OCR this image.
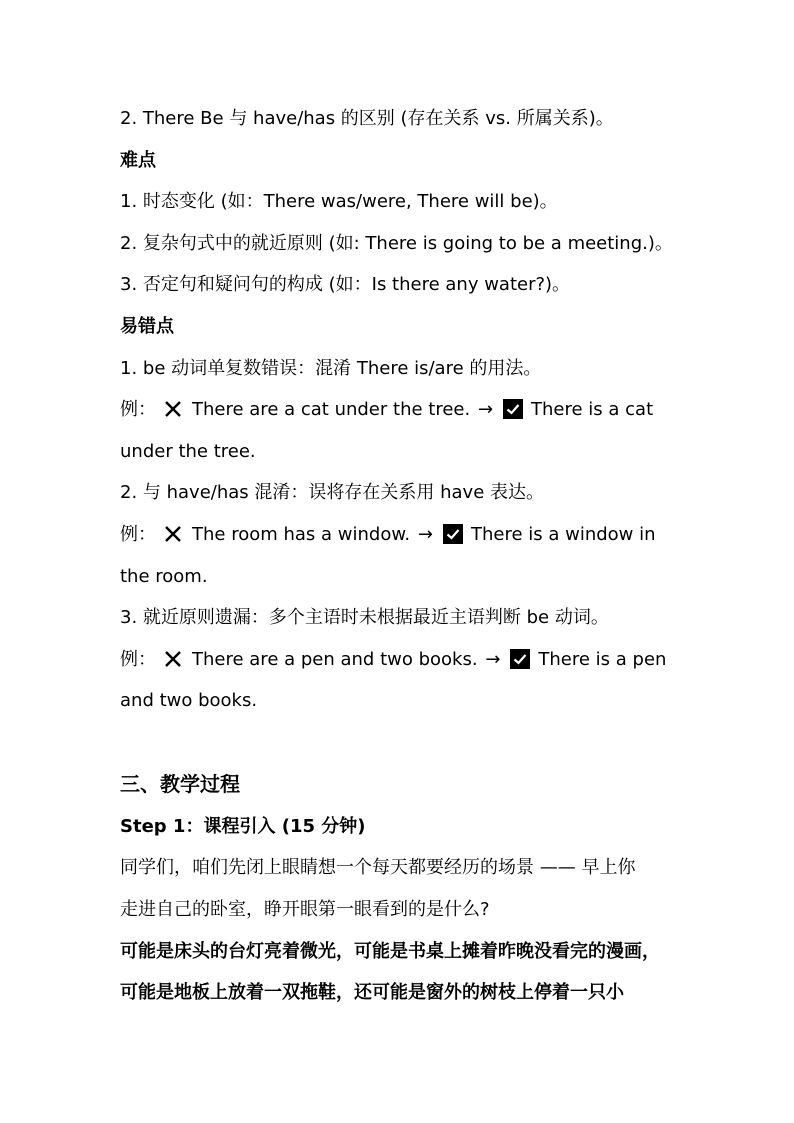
2. There Be 与 have/has 的区别 (存在关系 vs. 所属关系)。
难点
1. 时态变化 (如：There was/were, There will be)。
2. 复杂句式中的就近原则 (如: There is going to be a meeting.)。
3. 否定句和疑问句的构成 (如：Is there any water?)。
易错点
1. be 动词单复数错误：混淆 There is/are 的用法。
例： There are a cat under the tree. → There is a cat
under the tree.
2. 与 have/has 混淆：误将存在关系用 have 表达。
例： The room has a window. → There is a window in
the room.
3. 就近原则遗漏：多个主语时未根据最近主语判断 be 动词。
例： There are a pen and two books. → There is a pen
and two books.
三、教学过程
Step 1：课程引入 (15 分钟)
同学们，咱们先闭上眼睛想一个每天都要经历的场景 —— 早上你
走进自己的卧室，睁开眼第一眼看到的是什么?
可能是床头的台灯亮着微光，可能是书桌上摊着昨晚没看完的漫画，
可能是地板上放着一双拖鞋，还可能是窗外的树枝上停着一只小
